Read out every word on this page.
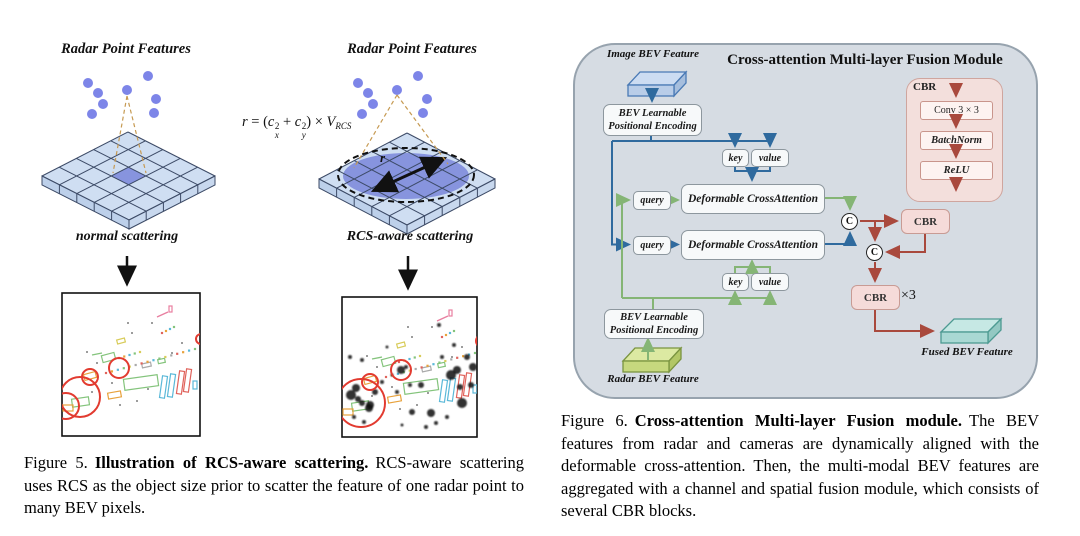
CBR
Conv 3 × 3
BatchNorm
ReLU
Radar Point Features	Radar Point Features
normal scattering	RCS-aware scattering
r
r = (c 2
x
+ c 2
y
) × $V_{RCS}$
Figure 5. Illustration of RCS-aware scattering. RCS-aware scattering uses RCS as the object size prior to scatter the feature of one radar point to many BEV pixels.
Cross-attention Multi-layer Fusion Module
Image BEV Feature
Radar BEV Feature
Fused BEV Feature
BEV Learnable
Positional Encoding
BEV Learnable
Positional Encoding
key	value
query	Deformable CrossAttention
query	Deformable CrossAttention
key	value
C
C
CBR
CBR ×3
Figure 6. Cross-attention Multi-layer Fusion module. The BEV features from radar and cameras are dynamically aligned with the deformable cross-attention. Then, the multi-modal BEV features are aggregated with a channel and spatial fusion module, which consists of several CBR blocks.
